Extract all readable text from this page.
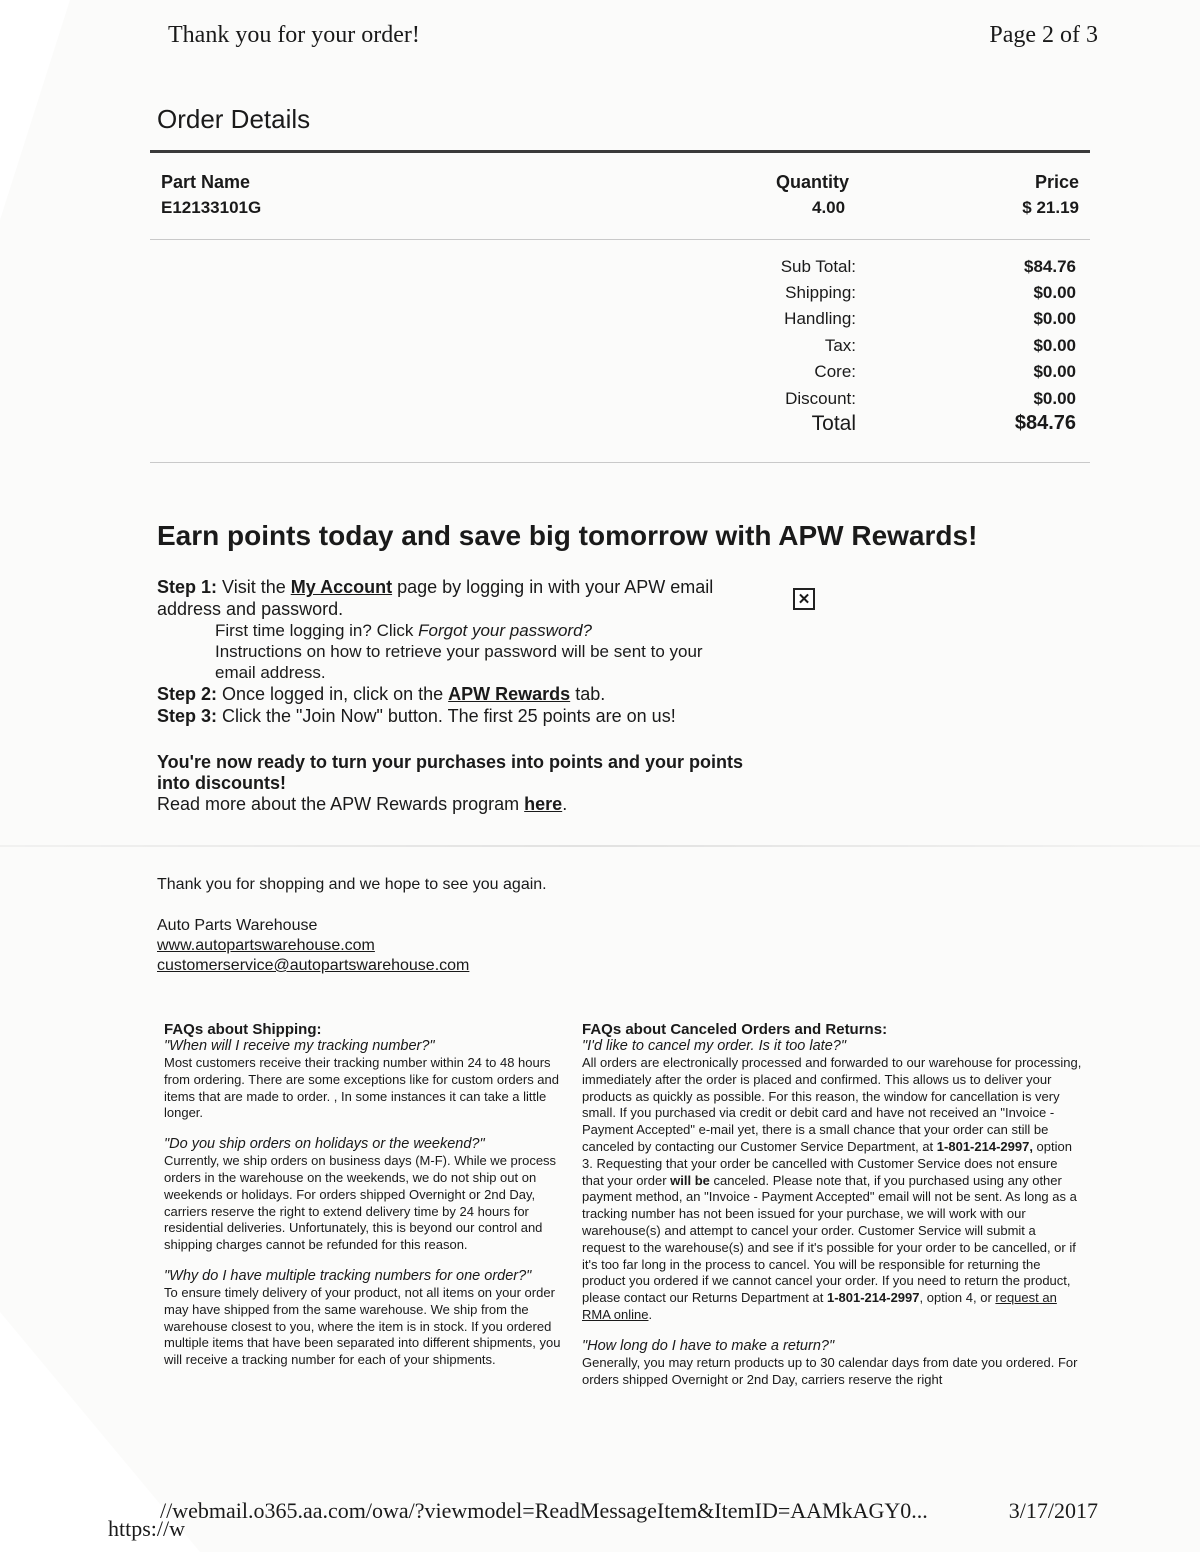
Thank you for your order!	Page 2 of 3
Order Details
Part Name	Quantity	Price
E12133101G	4.00	$ 21.19
Sub Total:	$84.76
Shipping:	$0.00
Handling:	$0.00
Tax:	$0.00
Core:	$0.00
Discount:	$0.00
Total	$84.76
Earn points today and save big tomorrow with APW Rewards!
Step 1: Visit the My Account page by logging in with your APW email
address and password.
First time logging in? Click Forgot your password?
Instructions on how to retrieve your password will be sent to your
email address.
Step 2: Once logged in, click on the APW Rewards tab.
Step 3: Click the "Join Now" button. The first 25 points are on us!
✕
You're now ready to turn your purchases into points and your points
into discounts!
Read more about the APW Rewards program here.
Thank you for shopping and we hope to see you again.
Auto Parts Warehouse
www.autopartswarehouse.com
customerservice@autopartswarehouse.com
FAQs about Shipping:
"When will I receive my tracking number?"

Most customers receive their tracking number within 24 to 48 hours from ordering. There are some exceptions like for custom orders and items that are made to order. , In some instances it can take a little longer.

"Do you ship orders on holidays or the weekend?"

Currently, we ship orders on business days (M-F). While we process orders in the warehouse on the weekends, we do not ship out on weekends or holidays. For orders shipped Overnight or 2nd Day, carriers reserve the right to extend delivery time by 24 hours for residential deliveries. Unfortunately, this is beyond our control and shipping charges cannot be refunded for this reason.

"Why do I have multiple tracking numbers for one order?"

To ensure timely delivery of your product, not all items on your order may have shipped from the same warehouse. We ship from the warehouse closest to you, where the item is in stock. If you ordered multiple items that have been separated into different shipments, you will receive a tracking number for each of your shipments.

FAQs about Canceled Orders and Returns:
"I'd like to cancel my order. Is it too late?"

All orders are electronically processed and forwarded to our warehouse for processing, immediately after the order is placed and confirmed. This allows us to deliver your products as quickly as possible. For this reason, the window for cancellation is very small. If you purchased via credit or debit card and have not received an "Invoice - Payment Accepted" e-mail yet, there is a small chance that your order can still be canceled by contacting our Customer Service Department, at 1-801-214-2997, option 3. Requesting that your order be cancelled with Customer Service does not ensure that your order will be canceled. Please note that, if you purchased using any other payment method, an "Invoice - Payment Accepted" email will not be sent. As long as a tracking number has not been issued for your purchase, we will work with our warehouse(s) and attempt to cancel your order. Customer Service will submit a request to the warehouse(s) and see if it's possible for your order to be cancelled, or if it's too far long in the process to cancel. You will be responsible for returning the product you ordered if we cannot cancel your order. If you need to return the product, please contact our Returns Department at 1-801-214-2997, option 4, or request an RMA online.

"How long do I have to make a return?"

Generally, you may return products up to 30 calendar days from date you ordered. For orders shipped Overnight or 2nd Day, carriers reserve the right

//webmail.o365.aa.com/owa/?viewmodel=ReadMessageItem&ItemID=AAMkAGY0...	3/17/2017
https://w
